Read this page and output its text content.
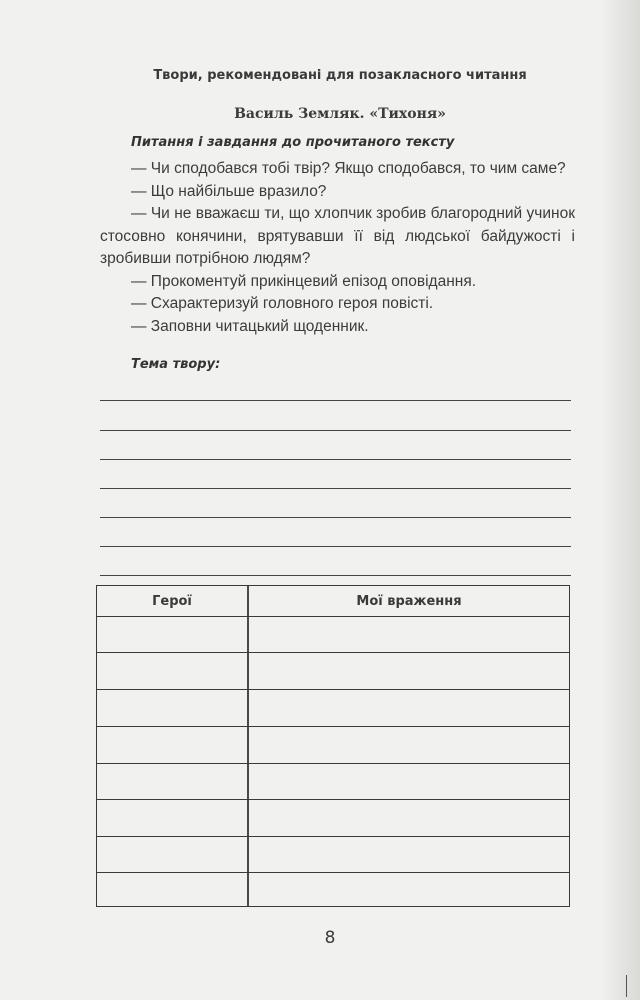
Твори, рекомендовані для позакласного читання
Василь Земляк. «Тихоня»
Питання і завдання до прочитаного тексту

— Чи сподобався тобі твір? Якщо сподобався, то чим саме?

— Що найбільше вразило?

— Чи не вважаєш ти, що хлопчик зробив благородний учинок стосовно конячини, врятувавши її від людської байдужості і зробивши потрібною людям?

— Прокоментуй прикінцевий епізод оповідання.

— Схарактеризуй головного героя повісті.

— Заповни читацький щоденник.

Тема твору:
Герої	Мої враження
8
